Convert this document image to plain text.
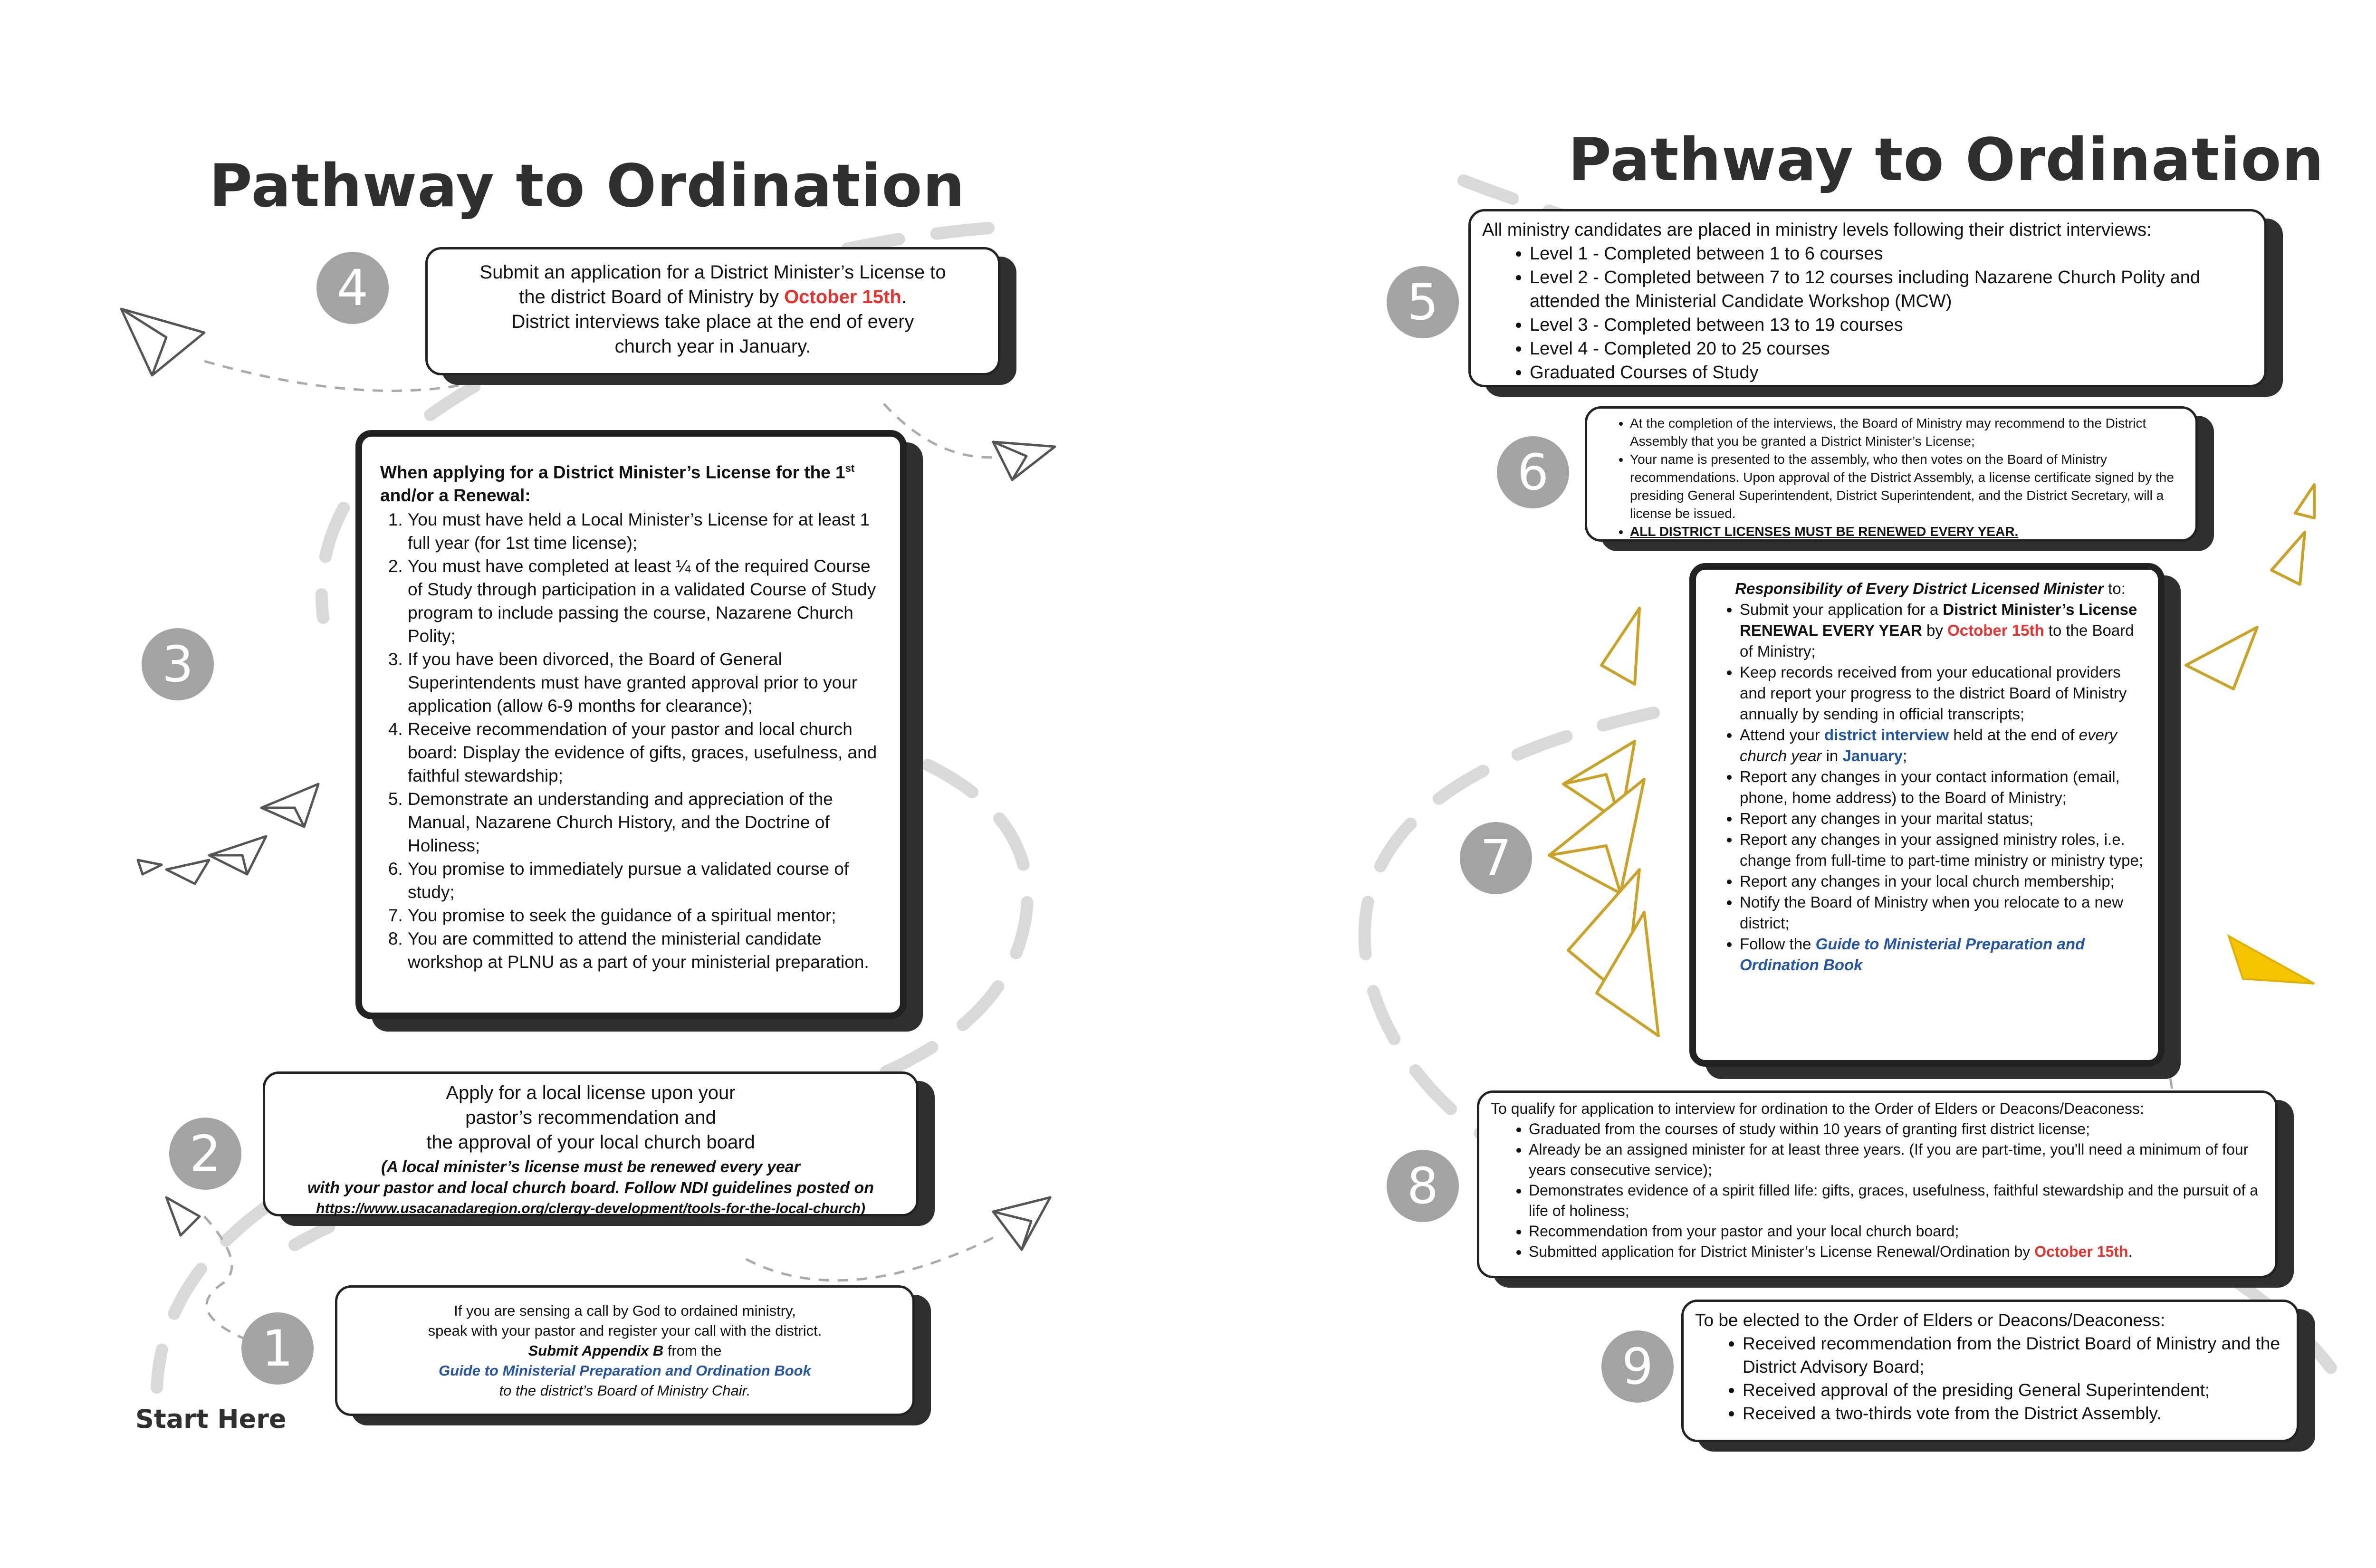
Pathway to Ordination
4	Submit an application for a District Minister’s License to
the district Board of Ministry by October 15th.
District interviews take place at the end of every
church year in January.
3
When applying for a District Minister’s License for the 1st
and/or a Renewal:
1. You must have held a Local Minister’s License for at least 1 full year (for 1st time license);
2. You must have completed at least ¼ of the required Course of Study through participation in a validated Course of Study program to include passing the course, Nazarene Church Polity;
3. If you have been divorced, the Board of General Superintendents must have granted approval prior to your application (allow 6-9 months for clearance);
4. Receive recommendation of your pastor and local church board: Display the evidence of gifts, graces, usefulness, and faithful stewardship;
5. Demonstrate an understanding and appreciation of the Manual, Nazarene Church History, and the Doctrine of Holiness;
6. You promise to immediately pursue a validated course of study;
7. You promise to seek the guidance of a spiritual mentor;
8. You are committed to attend the ministerial candidate workshop at PLNU as a part of your ministerial preparation.
2
Apply for a local license upon your
pastor’s recommendation and
the approval of your local church board
(A local minister’s license must be renewed every year
with your pastor and local church board. Follow NDI guidelines posted on
https://www.usacanadaregion.org/clergy-development/tools-for-the-local-church)
1
If you are sensing a call by God to ordained ministry,
speak with your pastor and register your call with the district.
Submit Appendix B from the
Guide to Ministerial Preparation and Ordination Book
to the district’s Board of Ministry Chair.
Start Here
Pathway to Ordination
5
All ministry candidates are placed in ministry levels following their district interviews:
• Level 1 - Completed between 1 to 6 courses
• Level 2 - Completed between 7 to 12 courses including Nazarene Church Polity and attended the Ministerial Candidate Workshop (MCW)
• Level 3 - Completed between 13 to 19 courses
• Level 4 - Completed 20 to 25 courses
• Graduated Courses of Study
6
• At the completion of the interviews, the Board of Ministry may recommend to the District Assembly that you be granted a District Minister’s License;
• Your name is presented to the assembly, who then votes on the Board of Ministry recommendations. Upon approval of the District Assembly, a license certificate signed by the presiding General Superintendent, District Superintendent, and the District Secretary, will a license be issued.
• ALL DISTRICT LICENSES MUST BE RENEWED EVERY YEAR.
7
Responsibility of Every District Licensed Minister to:
• Submit your application for a District Minister’s License RENEWAL EVERY YEAR by October 15th to the Board of Ministry;
• Keep records received from your educational providers and report your progress to the district Board of Ministry annually by sending in official transcripts;
• Attend your district interview held at the end of every church year in January;
• Report any changes in your contact information (email, phone, home address) to the Board of Ministry;
• Report any changes in your marital status;
• Report any changes in your assigned ministry roles, i.e. change from full-time to part-time ministry or ministry type;
• Report any changes in your local church membership;
• Notify the Board of Ministry when you relocate to a new district;
• Follow the Guide to Ministerial Preparation and Ordination Book
8
To qualify for application to interview for ordination to the Order of Elders or Deacons/Deaconess:
• Graduated from the courses of study within 10 years of granting first district license;
• Already be an assigned minister for at least three years. (If you are part-time, you'll need a minimum of four years consecutive service);
• Demonstrates evidence of a spirit filled life: gifts, graces, usefulness, faithful stewardship and the pursuit of a life of holiness;
• Recommendation from your pastor and your local church board;
• Submitted application for District Minister’s License Renewal/Ordination by October 15th.
9
To be elected to the Order of Elders or Deacons/Deaconess:
• Received recommendation from the District Board of Ministry and the District Advisory Board;
• Received approval of the presiding General Superintendent;
• Received a two-thirds vote from the District Assembly.
